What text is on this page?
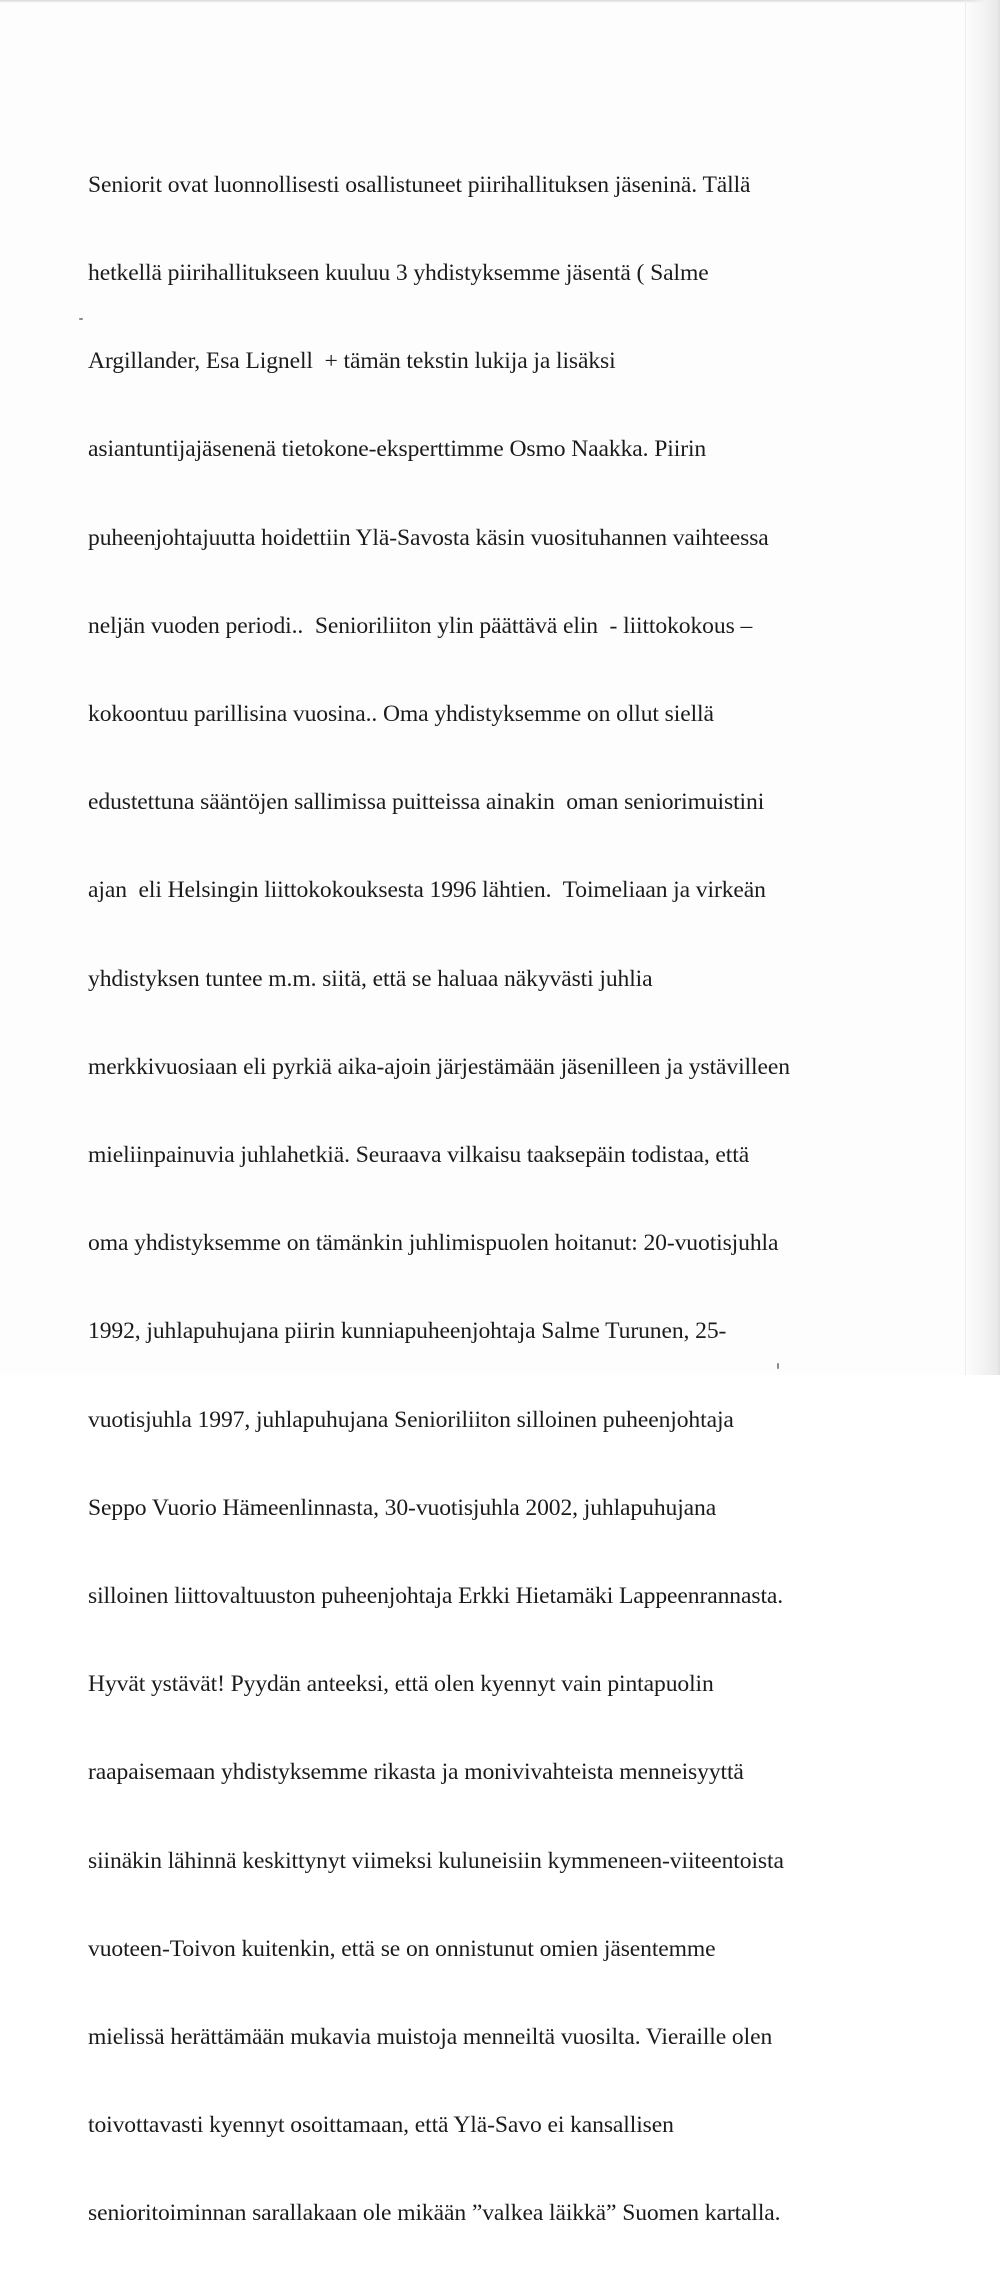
Seniorit ovat luonnollisesti osallistuneet piirihallituksen jäseninä. Tällä

hetkellä piirihallitukseen kuuluu 3 yhdistyksemme jäsentä ( Salme

Argillander, Esa Lignell  + tämän tekstin lukija ja lisäksi

asiantuntijajäsenenä tietokone-eksperttimme Osmo Naakka. Piirin

puheenjohtajuutta hoidettiin Ylä-Savosta käsin vuosituhannen vaihteessa

neljän vuoden periodi..  Senioriliiton ylin päättävä elin  - liittokokous –

kokoontuu parillisina vuosina.. Oma yhdistyksemme on ollut siellä

edustettuna sääntöjen sallimissa puitteissa ainakin  oman seniorimuistini

ajan  eli Helsingin liittokokouksesta 1996 lähtien.  Toimeliaan ja virkeän

yhdistyksen tuntee m.m. siitä, että se haluaa näkyvästi juhlia

merkkivuosiaan eli pyrkiä aika-ajoin järjestämään jäsenilleen ja ystävilleen

mieliinpainuvia juhlahetkiä. Seuraava vilkaisu taaksepäin todistaa, että

oma yhdistyksemme on tämänkin juhlimispuolen hoitanut: 20-vuotisjuhla

1992, juhlapuhujana piirin kunniapuheenjohtaja Salme Turunen, 25-

vuotisjuhla 1997, juhlapuhujana Senioriliiton silloinen puheenjohtaja

Seppo Vuorio Hämeenlinnasta, 30-vuotisjuhla 2002, juhlapuhujana

silloinen liittovaltuuston puheenjohtaja Erkki Hietamäki Lappeenrannasta.

Hyvät ystävät! Pyydän anteeksi, että olen kyennyt vain pintapuolin

raapaisemaan yhdistyksemme rikasta ja monivivahteista menneisyyttä

siinäkin lähinnä keskittynyt viimeksi kuluneisiin kymmeneen-viiteentoista

vuoteen-Toivon kuitenkin, että se on onnistunut omien jäsentemme

mielissä herättämään mukavia muistoja menneiltä vuosilta. Vieraille olen

toivottavasti kyennyt osoittamaan, että Ylä-Savo ei kansallisen

senioritoiminnan sarallakaan ole mikään ”valkea läikkä” Suomen kartalla.
